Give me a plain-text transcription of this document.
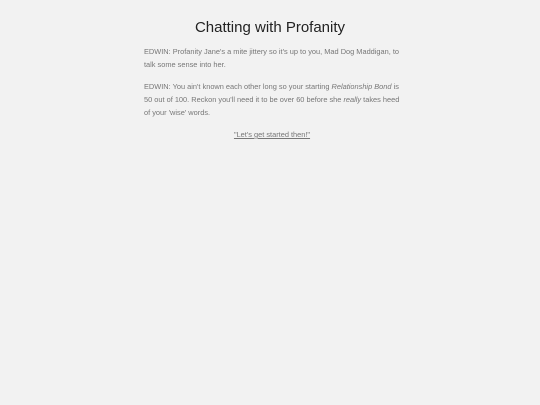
Chatting with Profanity

EDWIN: Profanity Jane's a mite jittery so it's up to you, Mad Dog Maddigan, to talk some sense into her.

EDWIN: You ain't known each other long so your starting Relationship Bond is 50 out of 100. Reckon you'll need it to be over 60 before she really takes heed of your 'wise' words.

"Let's get started then!"
